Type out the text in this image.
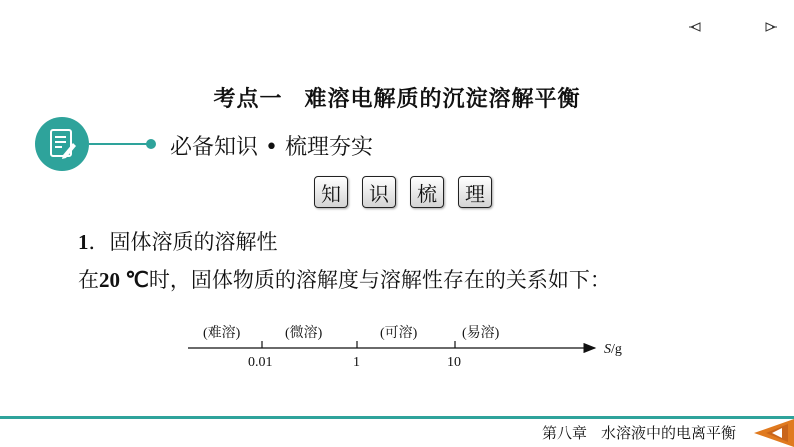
考点一 难溶电解质的沉淀溶解平衡
必备知识 • 梳理夯实
知	识	梳	理
1．固体溶质的溶解性
在20 ℃时，固体物质的溶解度与溶解性存在的关系如下：
(难溶)	(微溶)	(可溶)	(易溶)
0.01	1	10
S/g
第八章 水溶液中的电离平衡
